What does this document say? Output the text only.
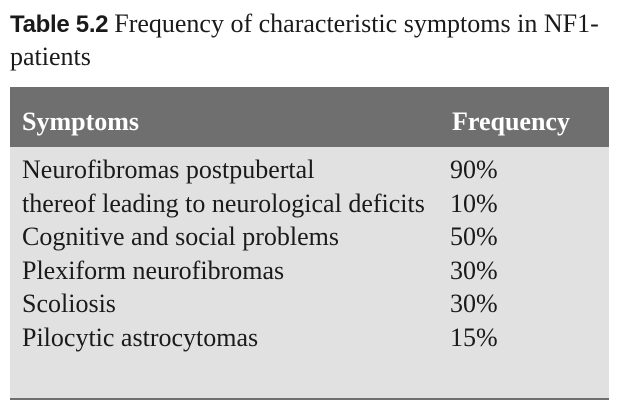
Table 5.2 Frequency of characteristic symptoms in NF1-patients
Symptoms	Frequency
Neurofibromas postpubertal	90%
thereof leading to neurological deficits 10%
Cognitive and social problems	50%
Plexiform neurofibromas	30%
Scoliosis	30%
Pilocytic astrocytomas	15%
